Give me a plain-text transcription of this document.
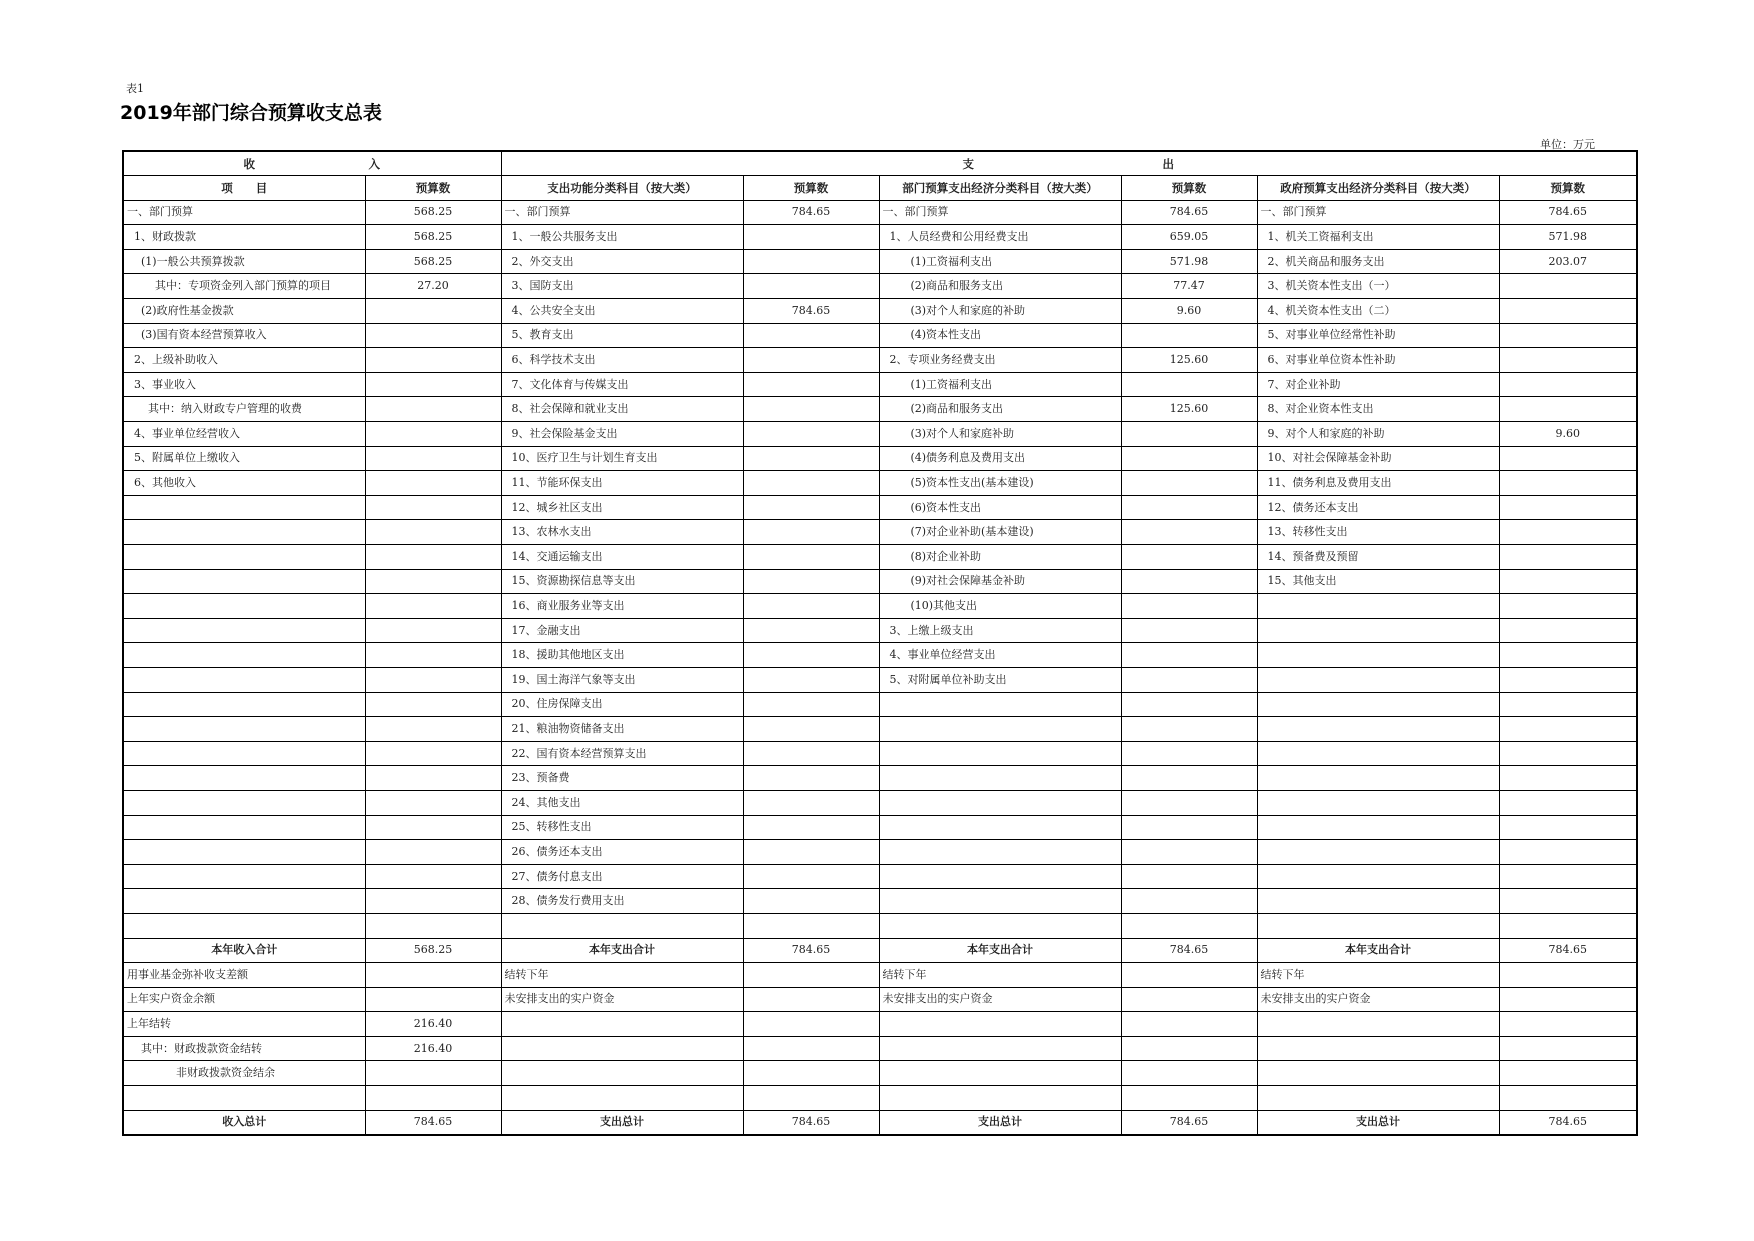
表1
2019年部门综合预算收支总表
单位：万元
收　　　　　　　　　入		支　　　　　　　　　　　　　　　出					
项　　目	预算数	支出功能分类科目（按大类）	预算数	部门预算支出经济分类科目（按大类）	预算数	政府预算支出经济分类科目（按大类）	预算数
一、部门预算	568.25	一、部门预算	784.65	一、部门预算	784.65	一、部门预算	784.65
1、财政拨款	568.25	1、一般公共服务支出		1、人员经费和公用经费支出	659.05	1、机关工资福利支出	571.98
(1)一般公共预算拨款	568.25	2、外交支出		(1)工资福利支出	571.98	2、机关商品和服务支出	203.07
其中：专项资金列入部门预算的项目	27.20	3、国防支出		(2)商品和服务支出	77.47	3、机关资本性支出（一）	
(2)政府性基金拨款		4、公共安全支出	784.65	(3)对个人和家庭的补助	9.60	4、机关资本性支出（二）	
(3)国有资本经营预算收入		5、教育支出		(4)资本性支出		5、对事业单位经常性补助	
2、上级补助收入		6、科学技术支出		2、专项业务经费支出	125.60	6、对事业单位资本性补助	
3、事业收入		7、文化体育与传媒支出		(1)工资福利支出		7、对企业补助	
其中：纳入财政专户管理的收费		8、社会保障和就业支出		(2)商品和服务支出	125.60	8、对企业资本性支出	
4、事业单位经营收入		9、社会保险基金支出		(3)对个人和家庭补助		9、对个人和家庭的补助	9.60
5、附属单位上缴收入		10、医疗卫生与计划生育支出		(4)债务利息及费用支出		10、对社会保障基金补助	
6、其他收入		11、节能环保支出		(5)资本性支出(基本建设)		11、债务利息及费用支出	
		12、城乡社区支出		(6)资本性支出		12、债务还本支出	
		13、农林水支出		(7)对企业补助(基本建设)		13、转移性支出	
		14、交通运输支出		(8)对企业补助		14、预备费及预留	
		15、资源勘探信息等支出		(9)对社会保障基金补助		15、其他支出	
		16、商业服务业等支出		(10)其他支出			
		17、金融支出		3、上缴上级支出			
		18、援助其他地区支出		4、事业单位经营支出			
		19、国土海洋气象等支出		5、对附属单位补助支出			
		20、住房保障支出					
		21、粮油物资储备支出					
		22、国有资本经营预算支出					
		23、预备费					
		24、其他支出					
		25、转移性支出					
		26、债务还本支出					
		27、债务付息支出					
		28、债务发行费用支出					

本年收入合计	568.25	本年支出合计	784.65	本年支出合计	784.65	本年支出合计	784.65
用事业基金弥补收支差额		结转下年		结转下年		结转下年	
上年实户资金余额		未安排支出的实户资金		未安排支出的实户资金		未安排支出的实户资金	
上年结转	216.40						
其中：财政拨款资金结转	216.40						
非财政拨款资金结余							

收入总计	784.65	支出总计	784.65	支出总计	784.65	支出总计	784.65
